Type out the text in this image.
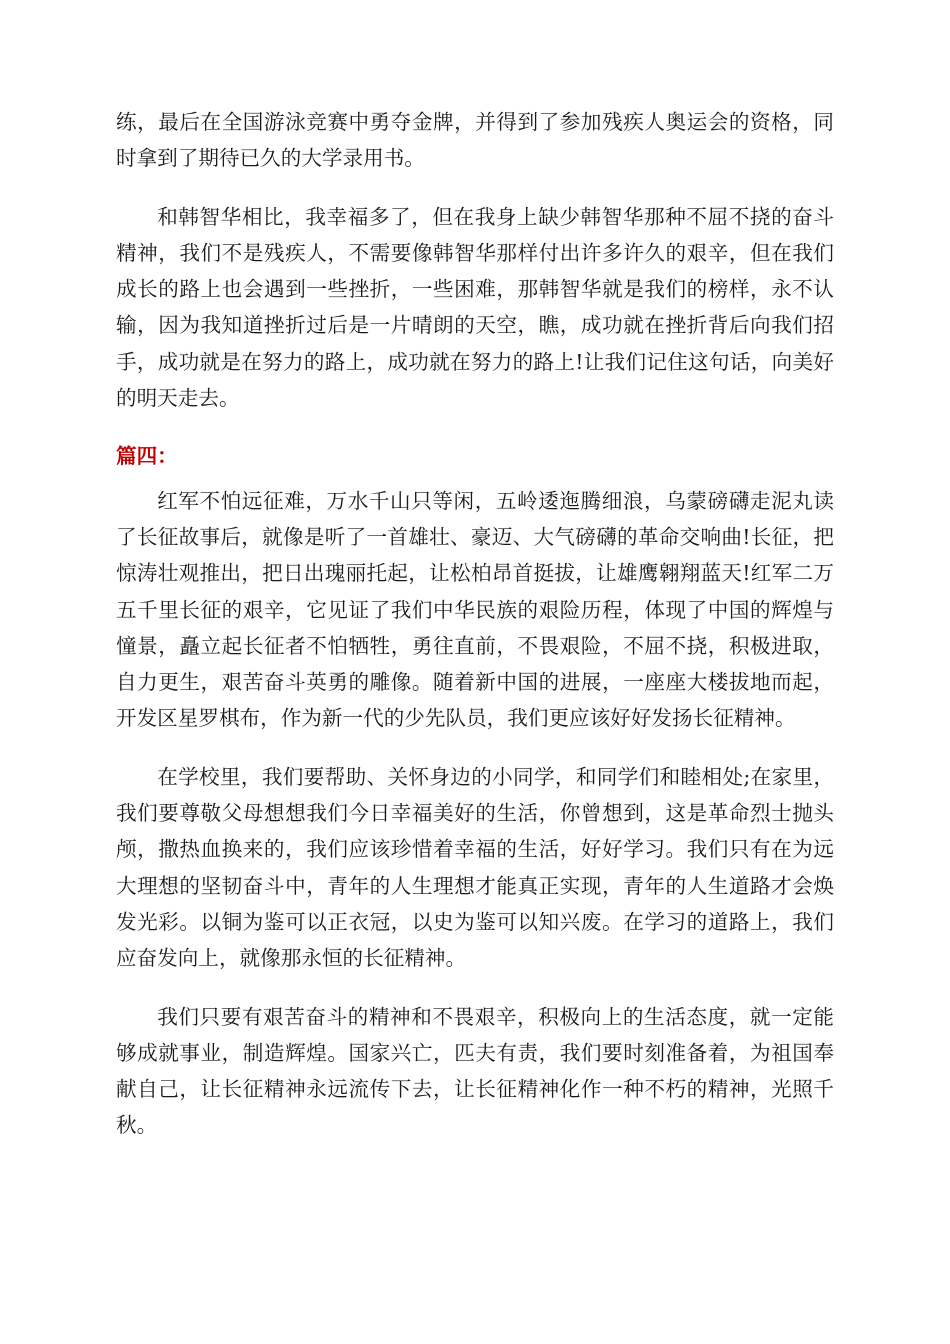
练，最后在全国游泳竞赛中勇夺金牌，并得到了参加残疾人奥运会的资格，同时拿到了期待已久的大学录用书。

和韩智华相比，我幸福多了，但在我身上缺少韩智华那种不屈不挠的奋斗精神，我们不是残疾人，不需要像韩智华那样付出许多许久的艰辛，但在我们成长的路上也会遇到一些挫折，一些困难，那韩智华就是我们的榜样，永不认输，因为我知道挫折过后是一片晴朗的天空，瞧，成功就在挫折背后向我们招手，成功就是在努力的路上，成功就在努力的路上!让我们记住这句话，向美好的明天走去。

篇四：

红军不怕远征难，万水千山只等闲，五岭逶迤腾细浪，乌蒙磅礴走泥丸读了长征故事后，就像是听了一首雄壮、豪迈、大气磅礴的革命交响曲!长征，把惊涛壮观推出，把日出瑰丽托起，让松柏昂首挺拔，让雄鹰翱翔蓝天!红军二万五千里长征的艰辛，它见证了我们中华民族的艰险历程，体现了中国的辉煌与憧景，矗立起长征者不怕牺牲，勇往直前，不畏艰险，不屈不挠，积极进取，自力更生，艰苦奋斗英勇的雕像。随着新中国的进展，一座座大楼拔地而起，开发区星罗棋布，作为新一代的少先队员，我们更应该好好发扬长征精神。

在学校里，我们要帮助、关怀身边的小同学，和同学们和睦相处;在家里，我们要尊敬父母想想我们今日幸福美好的生活，你曾想到，这是革命烈士抛头颅，撒热血换来的，我们应该珍惜着幸福的生活，好好学习。我们只有在为远大理想的坚韧奋斗中，青年的人生理想才能真正实现，青年的人生道路才会焕发光彩。以铜为鉴可以正衣冠，以史为鉴可以知兴废。在学习的道路上，我们应奋发向上，就像那永恒的长征精神。

我们只要有艰苦奋斗的精神和不畏艰辛，积极向上的生活态度，就一定能够成就事业，制造辉煌。国家兴亡，匹夫有责，我们要时刻准备着，为祖国奉献自己，让长征精神永远流传下去，让长征精神化作一种不朽的精神，光照千秋。
